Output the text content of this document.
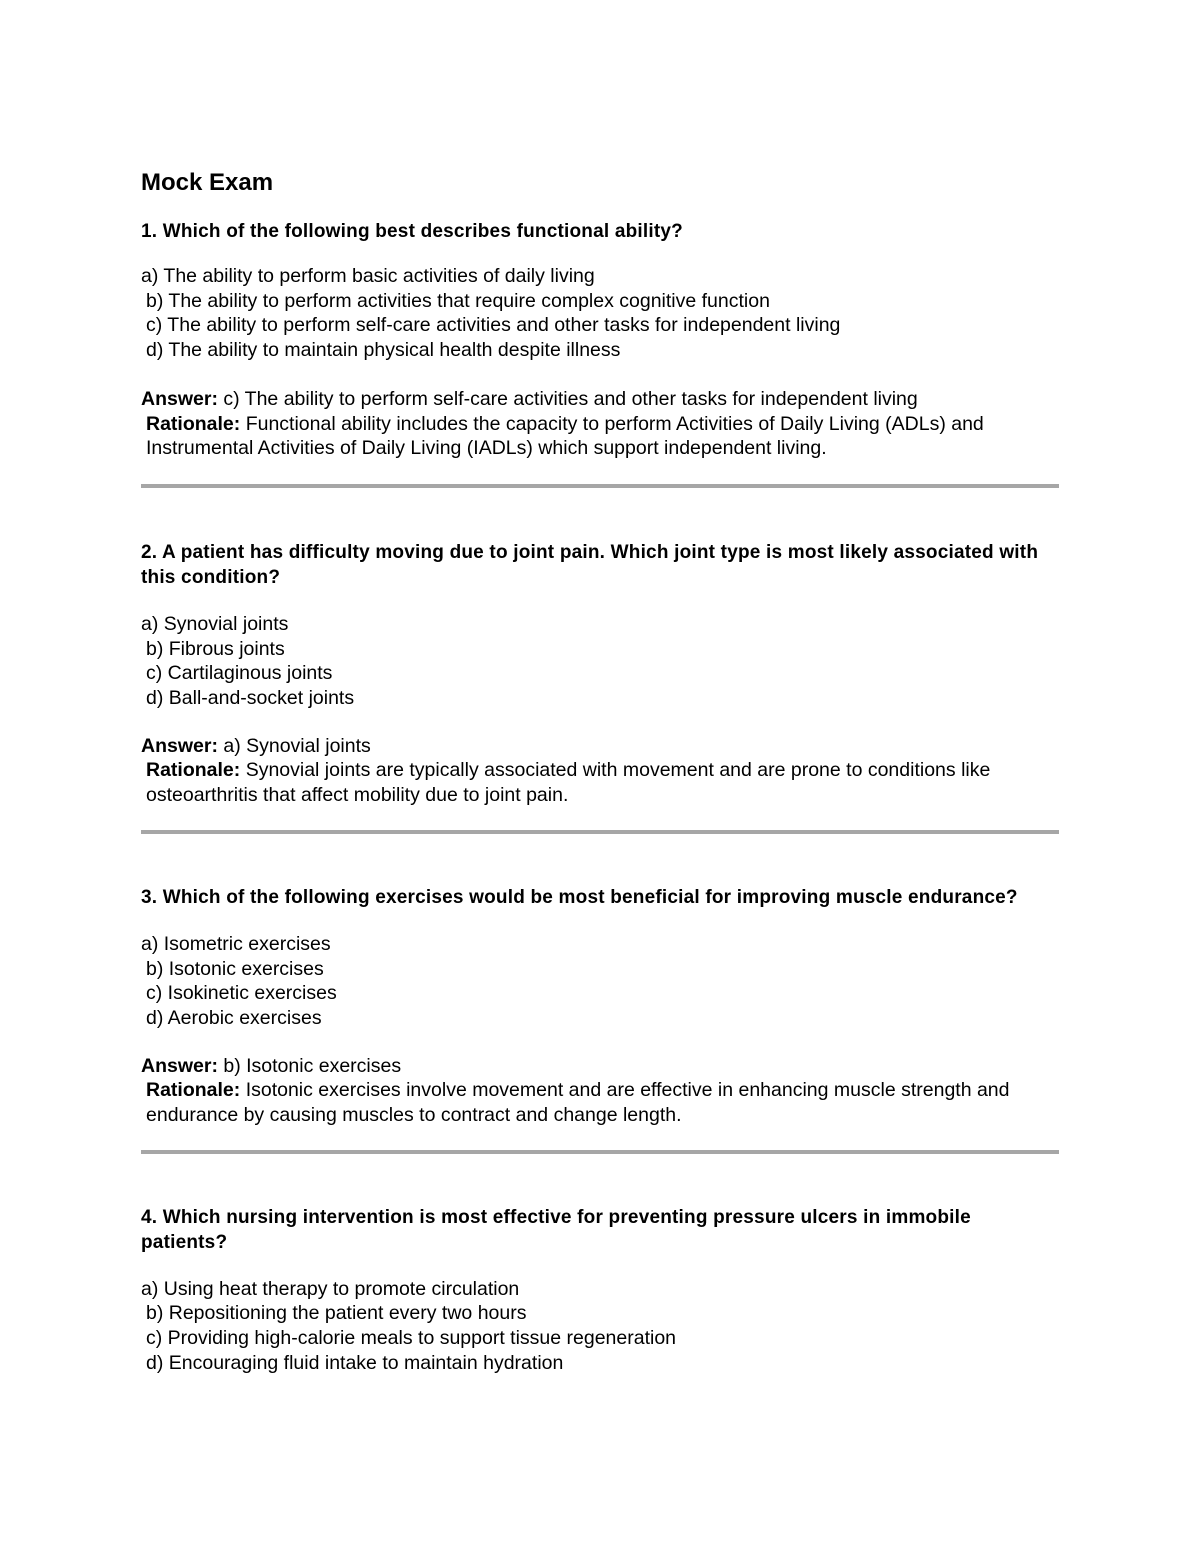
Mock Exam

1. Which of the following best describes functional ability?

a) The ability to perform basic activities of daily living
b) The ability to perform activities that require complex cognitive function
c) The ability to perform self-care activities and other tasks for independent living
d) The ability to maintain physical health despite illness

Answer: c) The ability to perform self-care activities and other tasks for independent living

Rationale: Functional ability includes the capacity to perform Activities of Daily Living (ADLs) and Instrumental Activities of Daily Living (IADLs) which support independent living.

2. A patient has difficulty moving due to joint pain. Which joint type is most likely associated with this condition?

a) Synovial joints
b) Fibrous joints
c) Cartilaginous joints
d) Ball-and-socket joints

Answer: a) Synovial joints

Rationale: Synovial joints are typically associated with movement and are prone to conditions like osteoarthritis that affect mobility due to joint pain.

3. Which of the following exercises would be most beneficial for improving muscle endurance?

a) Isometric exercises
b) Isotonic exercises
c) Isokinetic exercises
d) Aerobic exercises

Answer: b) Isotonic exercises

Rationale: Isotonic exercises involve movement and are effective in enhancing muscle strength and endurance by causing muscles to contract and change length.

4. Which nursing intervention is most effective for preventing pressure ulcers in immobile patients?

a) Using heat therapy to promote circulation
b) Repositioning the patient every two hours
c) Providing high-calorie meals to support tissue regeneration
d) Encouraging fluid intake to maintain hydration
